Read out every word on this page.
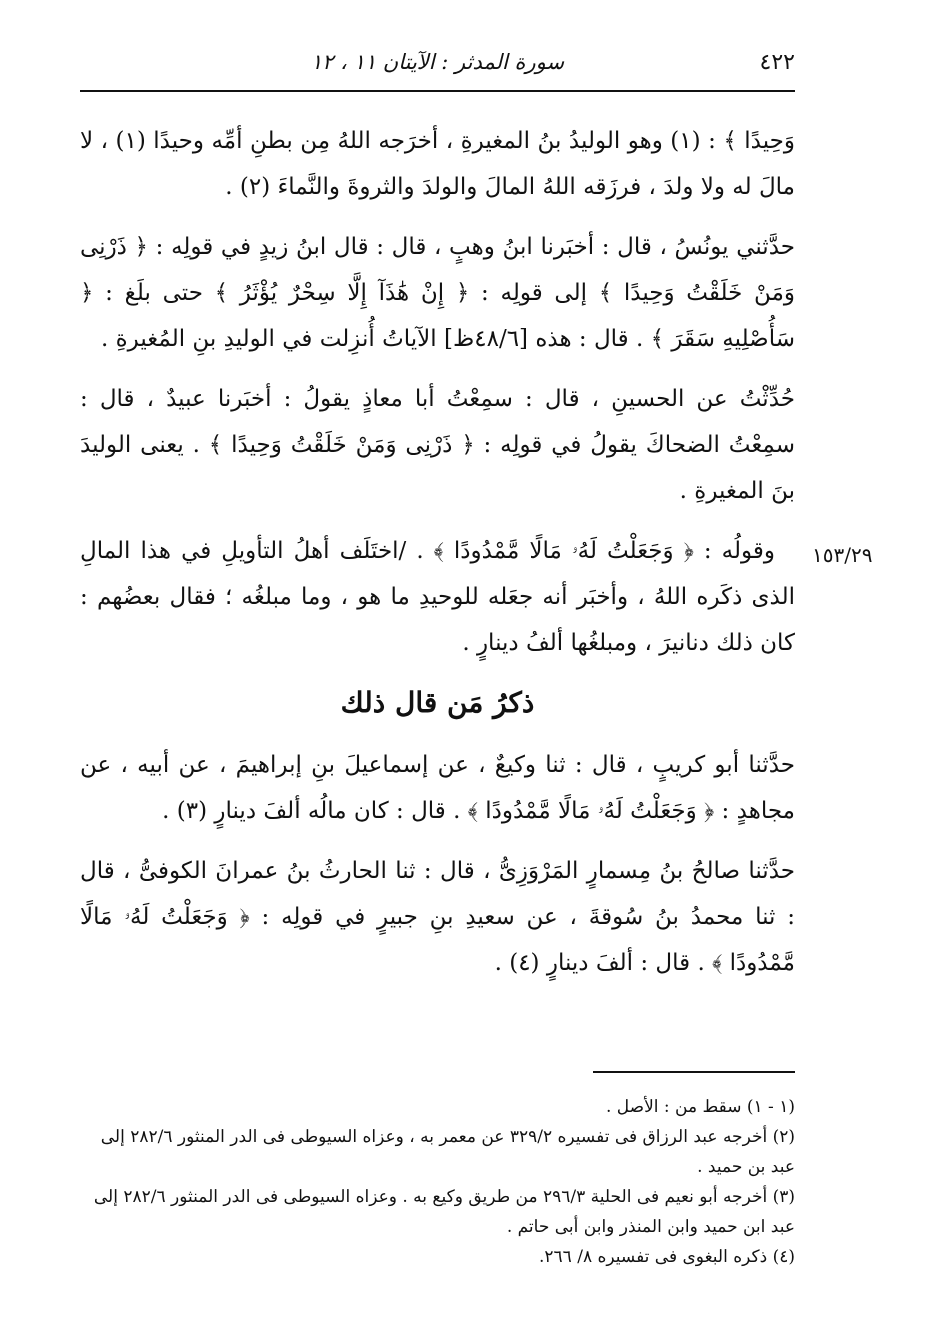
٤٢٢
سورة المدثر : الآيتان ١١ ، ١٢
١٥٣/٢٩

وَحِيدًا ﴾ : (١) وهو الوليدُ بنُ المغيرةِ ، أخرَجه اللهُ مِن بطنِ أمِّه وحيدًا (١) ، لا مالَ له ولا ولدَ ، فرزَقه اللهُ المالَ والولدَ والثروةَ والنَّماءَ (٢) .

حدَّثني يونُسُ ، قال : أخبَرنا ابنُ وهبٍ ، قال : قال ابنُ زيدٍ في قولِه : ﴿ ذَرْنِى وَمَنْ خَلَقْتُ وَحِيدًا ﴾ إلى قولِه : ﴿ إِنْ هَٰذَآ إِلَّا سِحْرٌ يُؤْثَرُ ﴾ حتى بلَغ : ﴿ سَأُصْلِيهِ سَقَرَ ﴾ . قال : هذه [٤٨/٦ظ] الآياتُ أُنزِلت في الوليدِ بنِ المُغيرةِ .

حُدِّثْتُ عن الحسينِ ، قال : سمِعْتُ أبا معاذٍ يقولُ : أخبَرنا عبيدٌ ، قال : سمِعْتُ الضحاكَ يقولُ في قولِه : ﴿ ذَرْنِى وَمَنْ خَلَقْتُ وَحِيدًا ﴾ . يعنى الوليدَ بنَ المغيرةِ .

وقولُه : ﴿ وَجَعَلْتُ لَهُۥ مَالًا مَّمْدُودًا ﴾ . /اختَلَف أهلُ التأويلِ في هذا المالِ الذى ذكَره اللهُ ، وأخبَر أنه جعَله للوحيدِ ما هو ، وما مبلغُه ؛ فقال بعضُهم : كان ذلك دنانيرَ ، ومبلغُها ألفُ دينارٍ .

ذكرُ مَن قال ذلك

حدَّثنا أبو كريبٍ ، قال : ثنا وكيعٌ ، عن إسماعيلَ بنِ إبراهيمَ ، عن أبيه ، عن مجاهدٍ : ﴿ وَجَعَلْتُ لَهُۥ مَالًا مَّمْدُودًا ﴾ . قال : كان مالُه ألفَ دينارٍ (٣) .

حدَّثنا صالحُ بنُ مِسمارٍ المَرْوَزِىُّ ، قال : ثنا الحارثُ بنُ عمرانَ الكوفىُّ ، قال : ثنا محمدُ بنُ سُوقةَ ، عن سعيدِ بنِ جبيرٍ في قولِه : ﴿ وَجَعَلْتُ لَهُۥ مَالًا مَّمْدُودًا ﴾ . قال : ألفَ دينارٍ (٤) .

(١ - ١) سقط من : الأصل .

(٢) أخرجه عبد الرزاق فى تفسيره ٣٢٩/٢ عن معمر به ، وعزاه السيوطى فى الدر المنثور ٢٨٢/٦ إلى عبد بن حميد .

(٣) أخرجه أبو نعيم فى الحلية ٢٩٦/٣ من طريق وكيع به . وعزاه السيوطى فى الدر المنثور ٢٨٢/٦ إلى عبد ابن حميد وابن المنذر وابن أبى حاتم .

(٤) ذكره البغوى فى تفسيره ٨/ ٢٦٦.
